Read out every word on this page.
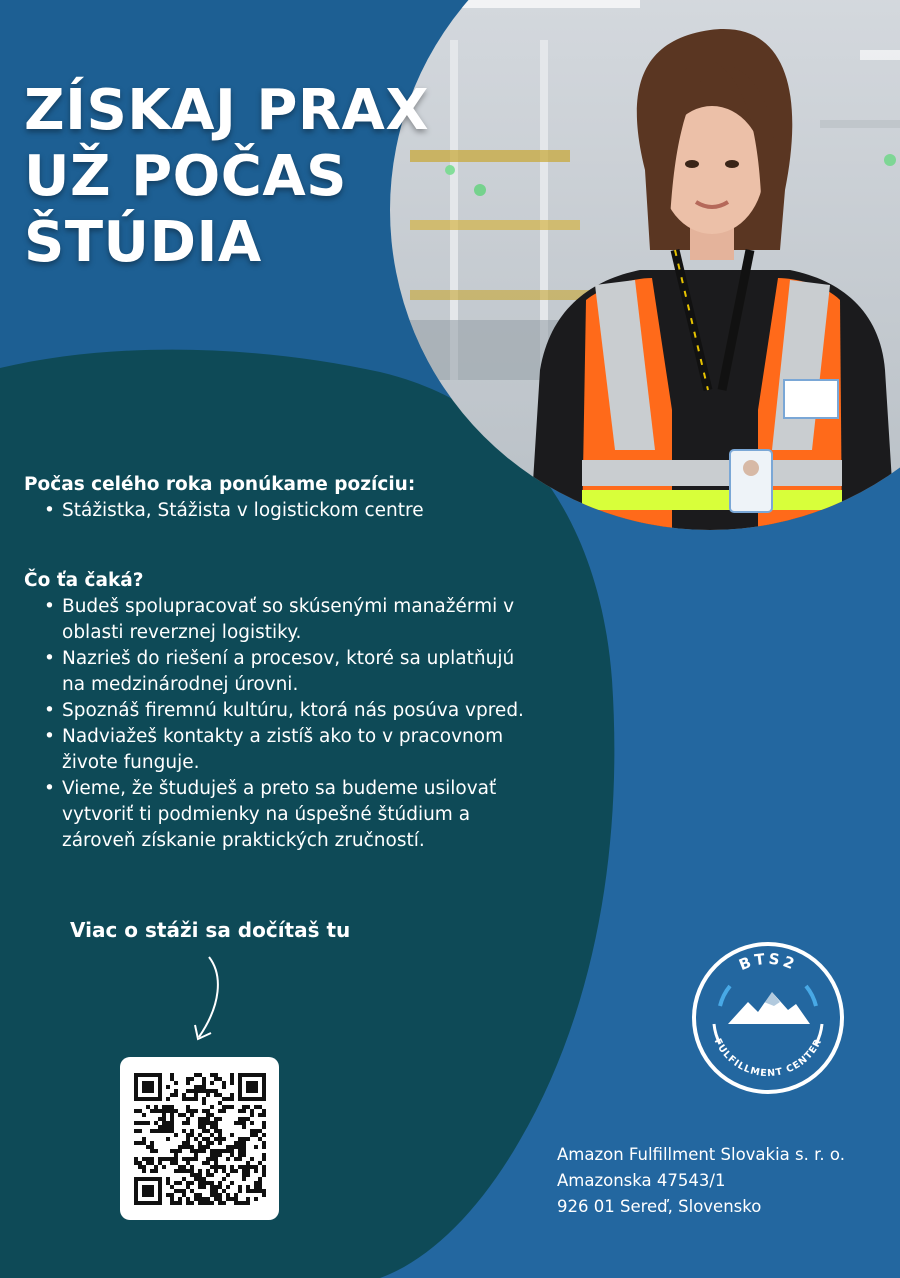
ZÍSKAJ PRAX
UŽ POČAS
ŠTÚDIA

Počas celého roka ponúkame pozíciu:

• Stážistka, Stážista v logistickom centre

Čo ťa čaká?

• Budeš spolupracovať so skúsenými manažérmi v
oblasti reverznej logistiky.
• Nazrieš do riešení a procesov, ktoré sa uplatňujú
na medzinárodnej úrovni.
• Spoznáš firemnú kultúru, ktorá nás posúva vpred.
• Nadviažeš kontakty a zistíš ako to v pracovnom
živote funguje.
• Vieme, že študuješ a preto sa budeme usilovať
vytvoriť ti podmienky na úspešné štúdium a
zároveň získanie praktických zručností.
Viac o stáži sa dočítaš tu
BTS2
FULFILLMENT CENTER
Amazon Fulfillment Slovakia s. r. o.
Amazonska 47543/1
926 01 Sereď, Slovensko
